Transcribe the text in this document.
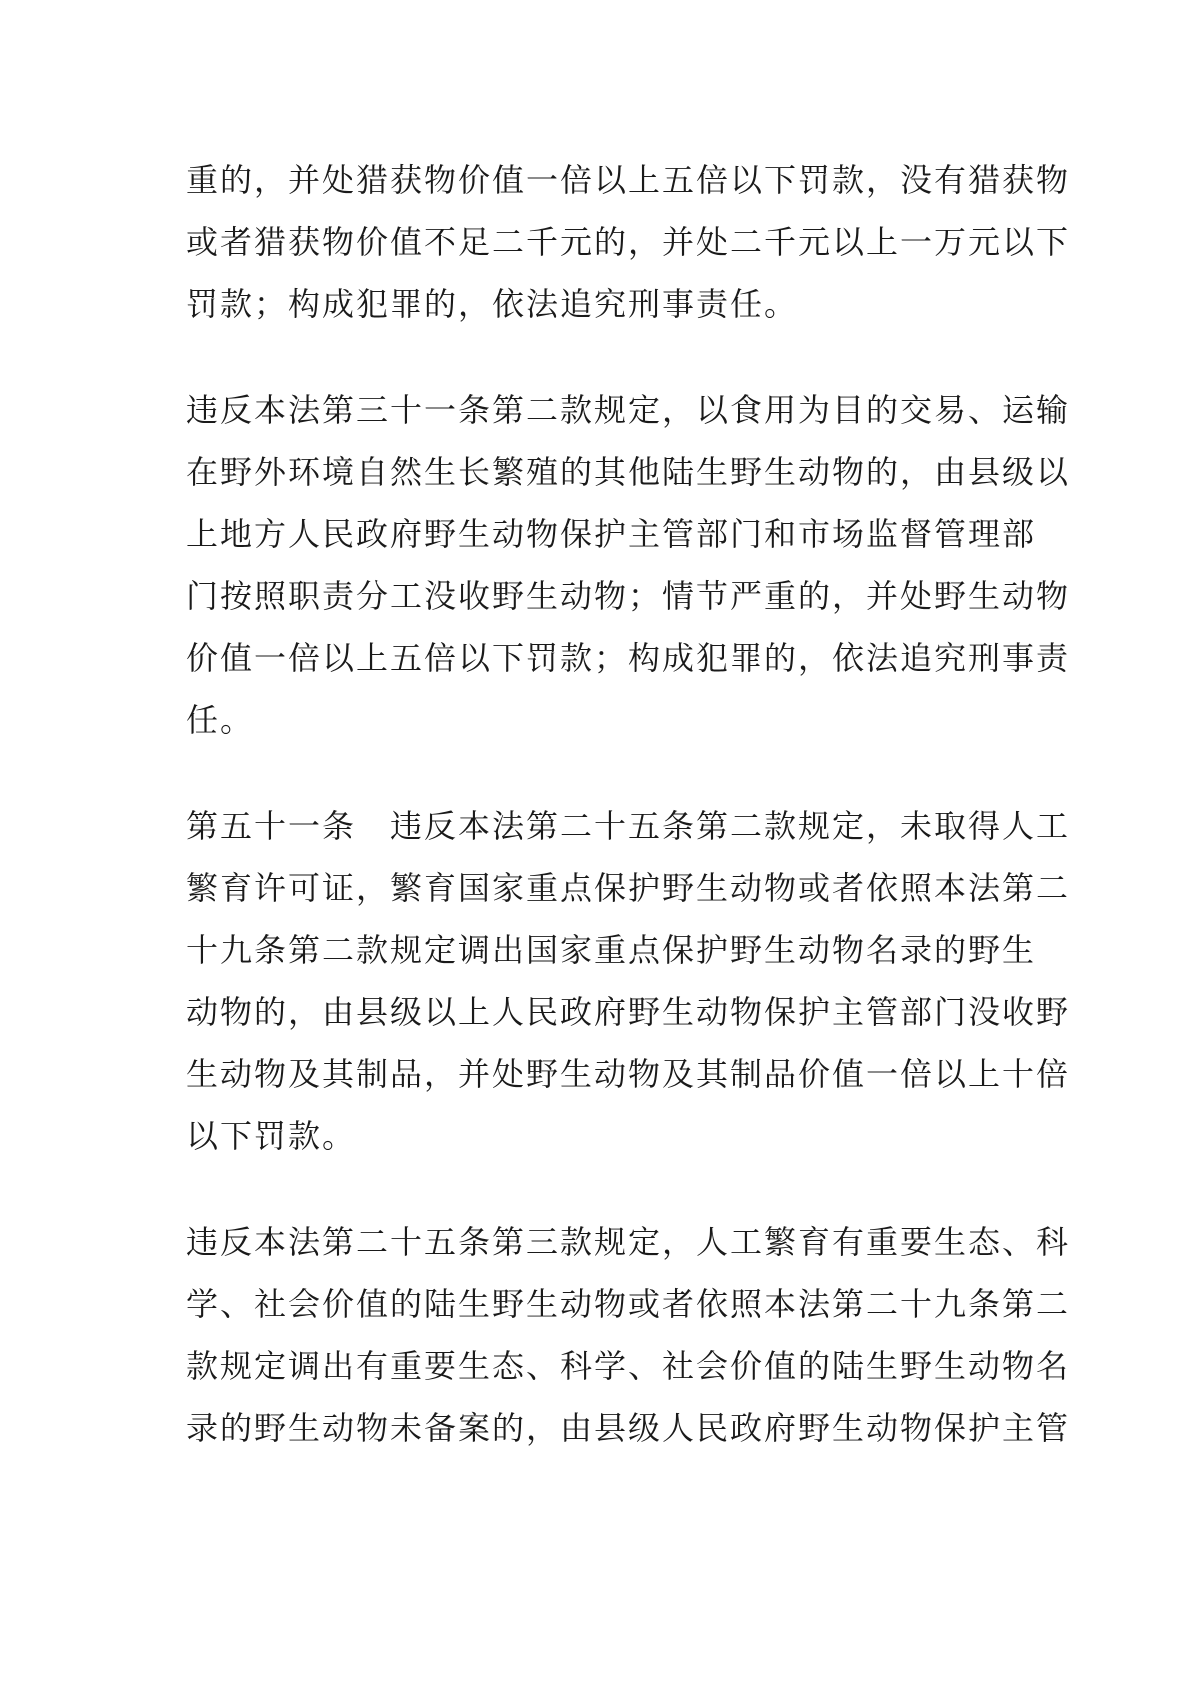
重的，并处猎获物价值一倍以上五倍以下罚款，没有猎获物
或者猎获物价值不足二千元的，并处二千元以上一万元以下
罚款；构成犯罪的，依法追究刑事责任。
违反本法第三十一条第二款规定，以食用为目的交易、运输
在野外环境自然生长繁殖的其他陆生野生动物的，由县级以
上地方人民政府野生动物保护主管部门和市场监督管理部
门按照职责分工没收野生动物；情节严重的，并处野生动物
价值一倍以上五倍以下罚款；构成犯罪的，依法追究刑事责
任。
第五十一条　违反本法第二十五条第二款规定，未取得人工
繁育许可证，繁育国家重点保护野生动物或者依照本法第二
十九条第二款规定调出国家重点保护野生动物名录的野生
动物的，由县级以上人民政府野生动物保护主管部门没收野
生动物及其制品，并处野生动物及其制品价值一倍以上十倍
以下罚款。
违反本法第二十五条第三款规定，人工繁育有重要生态、科
学、社会价值的陆生野生动物或者依照本法第二十九条第二
款规定调出有重要生态、科学、社会价值的陆生野生动物名
录的野生动物未备案的，由县级人民政府野生动物保护主管
